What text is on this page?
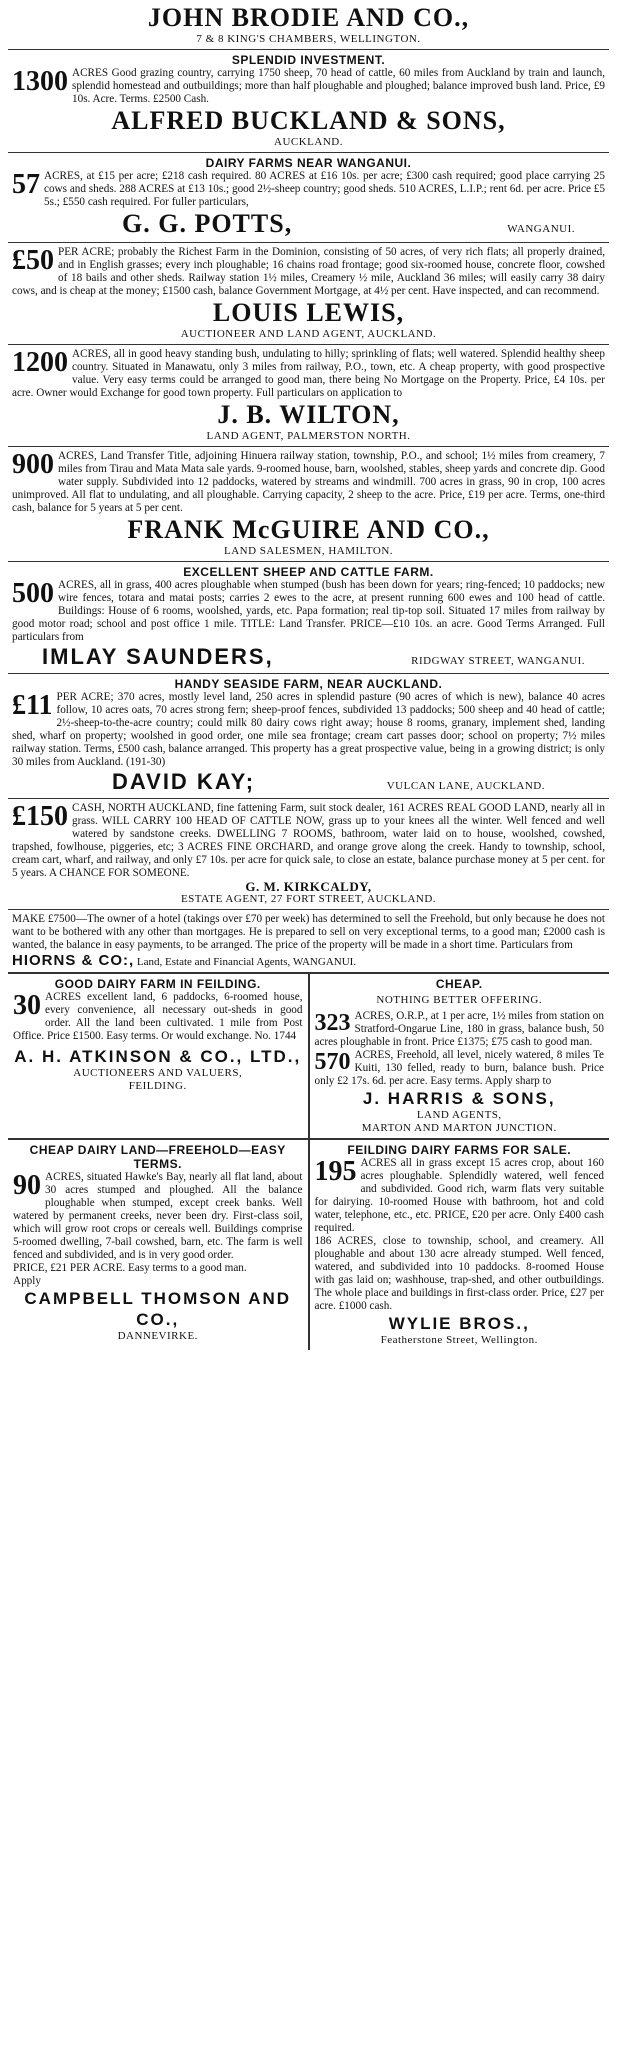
JOHN BRODIE AND CO.,
7 & 8 KING'S CHAMBERS, WELLINGTON.
SPLENDID INVESTMENT.
1300 ACRES Good grazing country, carrying 1750 sheep, 70 head of cattle, 60 miles from Auckland by train and launch, splendid homestead and outbuildings; more than half ploughable and ploughed; balance improved bush land. Price, £9 10s. Acre. Terms. £2500 Cash.
ALFRED BUCKLAND & SONS,
AUCKLAND.
DAIRY FARMS NEAR WANGANUI.
57 ACRES, at £15 per acre; £218 cash required. 80 ACRES at £16 10s. per acre; £300 cash required; good place carrying 25 cows and sheds. 288 ACRES at £13 10s.; good 2½-sheep country; good sheds. 510 ACRES, L.I.P.; rent 6d. per acre. Price £5 5s.; £550 cash required. For fuller particulars,
G. G. POTTS,	WANGANUI.
£50 PER ACRE; probably the Richest Farm in the Dominion, consisting of 50 acres, of very rich flats; all properly drained, and in English grasses; every inch ploughable; 16 chains road frontage; good six-roomed house, concrete floor, cowshed of 18 bails and other sheds. Railway station 1½ miles, Creamery ½ mile, Auckland 36 miles; will easily carry 38 dairy cows, and is cheap at the money; £1500 cash, balance Government Mortgage, at 4½ per cent. Have inspected, and can recommend.
LOUIS LEWIS,
AUCTIONEER AND LAND AGENT, AUCKLAND.
1200 ACRES, all in good heavy standing bush, undulating to hilly; sprinkling of flats; well watered. Splendid healthy sheep country. Situated in Manawatu, only 3 miles from railway, P.O., town, etc. A cheap property, with good prospective value. Very easy terms could be arranged to good man, there being No Mortgage on the Property. Price, £4 10s. per acre. Owner would Exchange for good town property. Full particulars on application to
J. B. WILTON,
LAND AGENT, PALMERSTON NORTH.
900 ACRES, Land Transfer Title, adjoining Hinuera railway station, township, P.O., and school; 1½ miles from creamery, 7 miles from Tirau and Mata Mata sale yards. 9-roomed house, barn, woolshed, stables, sheep yards and concrete dip. Good water supply. Subdivided into 12 paddocks, watered by streams and windmill. 700 acres in grass, 90 in crop, 100 acres unimproved. All flat to undulating, and all ploughable. Carrying capacity, 2 sheep to the acre. Price, £19 per acre. Terms, one-third cash, balance for 5 years at 5 per cent.
FRANK McGUIRE AND CO.,
LAND SALESMEN, HAMILTON.
EXCELLENT SHEEP AND CATTLE FARM.
500 ACRES, all in grass, 400 acres ploughable when stumped (bush has been down for years; ring-fenced; 10 paddocks; new wire fences, totara and matai posts; carries 2 ewes to the acre, at present running 600 ewes and 100 head of cattle. Buildings: House of 6 rooms, woolshed, yards, etc. Papa formation; real tip-top soil. Situated 17 miles from railway by good motor road; school and post office 1 mile. TITLE: Land Transfer. PRICE—£10 10s. an acre. Good Terms Arranged. Full particulars from
IMLAY SAUNDERS,	RIDGWAY STREET, WANGANUI.
HANDY SEASIDE FARM, NEAR AUCKLAND.
£11 PER ACRE; 370 acres, mostly level land, 250 acres in splendid pasture (90 acres of which is new), balance 40 acres follow, 10 acres oats, 70 acres strong fern; sheep-proof fences, subdivided 13 paddocks; 500 sheep and 40 head of cattle; 2½-sheep-to-the-acre country; could milk 80 dairy cows right away; house 8 rooms, granary, implement shed, landing shed, wharf on property; woolshed in good order, one mile sea frontage; cream cart passes door; school on property; 7½ miles railway station. Terms, £500 cash, balance arranged. This property has a great prospective value, being in a growing district; is only 30 miles from Auckland. (191-30)
DAVID KAY;	VULCAN LANE, AUCKLAND.
£150 CASH, NORTH AUCKLAND, fine fattening Farm, suit stock dealer, 161 ACRES REAL GOOD LAND, nearly all in grass. WILL CARRY 100 HEAD OF CATTLE NOW, grass up to your knees all the winter. Well fenced and well watered by sandstone creeks. DWELLING 7 ROOMS, bathroom, water laid on to house, woolshed, cowshed, trapshed, fowlhouse, piggeries, etc; 3 ACRES FINE ORCHARD, and orange grove along the creek. Handy to township, school, cream cart, wharf, and railway, and only £7 10s. per acre for quick sale, to close an estate, balance purchase money at 5 per cent. for 5 years. A CHANCE FOR SOMEONE.
G. M. KIRKCALDY,
ESTATE AGENT, 27 FORT STREET, AUCKLAND.
MAKE £7500—The owner of a hotel (takings over £70 per week) has determined to sell the Freehold, but only because he does not want to be bothered with any other than mortgages. He is prepared to sell on very exceptional terms, to a good man; £2000 cash is wanted, the balance in easy payments, to be arranged. The price of the property will be made in a short time. Particulars from
HIORNS & CO:, Land, Estate and Financial Agents, WANGANUI.
GOOD DAIRY FARM IN FEILDING.
30 ACRES excellent land, 6 paddocks, 6-roomed house, every convenience, all necessary out-sheds in good order. All the land been cultivated. 1 mile from Post Office. Price £1500. Easy terms. Or would exchange. No. 1744
A. H. ATKINSON & CO., LTD.,
AUCTIONEERS AND VALUERS,
FEILDING.
CHEAP.
NOTHING BETTER OFFERING.
323 ACRES, O.R.P., at 1 per acre, 1½ miles from station on Stratford-Ongarue Line, 180 in grass, balance bush, 50 acres ploughable in front. Price £1375; £75 cash to good man.
570 ACRES, Freehold, all level, nicely watered, 8 miles Te Kuiti, 130 felled, ready to burn, balance bush. Price only £2 17s. 6d. per acre. Easy terms. Apply sharp to
J. HARRIS & SONS,
LAND AGENTS,
MARTON AND MARTON JUNCTION.
CHEAP DAIRY LAND—FREEHOLD—EASY TERMS.
90 ACRES, situated Hawke's Bay, nearly all flat land, about 30 acres stumped and ploughed. All the balance ploughable when stumped, except creek banks. Well watered by permanent creeks, never been dry. First-class soil, which will grow root crops or cereals well. Buildings comprise 5-roomed dwelling, 7-bail cowshed, barn, etc. The farm is well fenced and subdivided, and is in very good order.
PRICE, £21 PER ACRE. Easy terms to a good man.
Apply
CAMPBELL THOMSON AND CO.,
DANNEVIRKE.
FEILDING DAIRY FARMS FOR SALE.
195 ACRES all in grass except 15 acres crop, about 160 acres ploughable. Splendidly watered, well fenced and subdivided. Good rich, warm flats very suitable for dairying. 10-roomed House with bathroom, hot and cold water, telephone, etc., etc. PRICE, £20 per acre. Only £400 cash required.
186 ACRES, close to township, school, and creamery. All ploughable and about 130 acre already stumped. Well fenced, watered, and subdivided into 10 paddocks. 8-roomed House with gas laid on; washhouse, trap-shed, and other outbuildings. The whole place and buildings in first-class order. Price, £27 per acre. £1000 cash.
WYLIE BROS.,
Featherstone Street, Wellington.
